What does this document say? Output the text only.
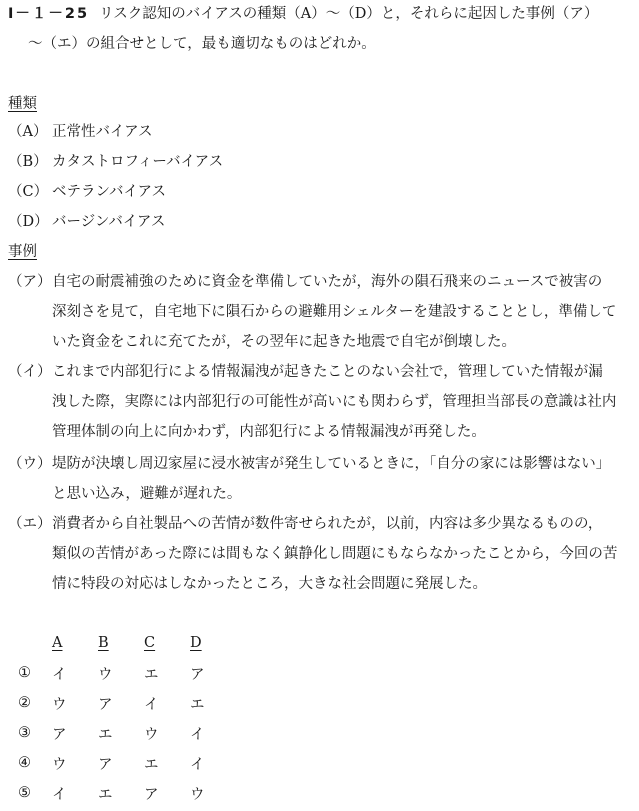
Ⅰ－１－25 リスク認知のバイアスの種類（A）～（D）と，それらに起因した事例（ア）
～（エ）の組合せとして，最も適切なものはどれか。
種類
（A） 正常性バイアス
（B） カタストロフィーバイアス
（C） ベテランバイアス
（D） バージンバイアス
事例
（ア）自宅の耐震補強のために資金を準備していたが，海外の隕石飛来のニュースで被害の
深刻さを見て，自宅地下に隕石からの避難用シェルターを建設することとし，準備して
いた資金をこれに充てたが，その翌年に起きた地震で自宅が倒壊した。
（イ）これまで内部犯行による情報漏洩が起きたことのない会社で，管理していた情報が漏
洩した際，実際には内部犯行の可能性が高いにも関わらず，管理担当部長の意識は社内
管理体制の向上に向かわず，内部犯行による情報漏洩が再発した。
（ウ）堤防が決壊し周辺家屋に浸水被害が発生しているときに，「自分の家には影響はない」
と思い込み，避難が遅れた。
（エ）消費者から自社製品への苦情が数件寄せられたが，以前，内容は多少異なるものの，
類似の苦情があった際には間もなく鎮静化し問題にもならなかったことから，今回の苦
情に特段の対応はしなかったところ，大きな社会問題に発展した。
	A	B	C	D
①	イ	ウ	エ	ア
②	ウ	ア	イ	エ
③	ア	エ	ウ	イ
④	ウ	ア	エ	イ
⑤	イ	エ	ア	ウ
